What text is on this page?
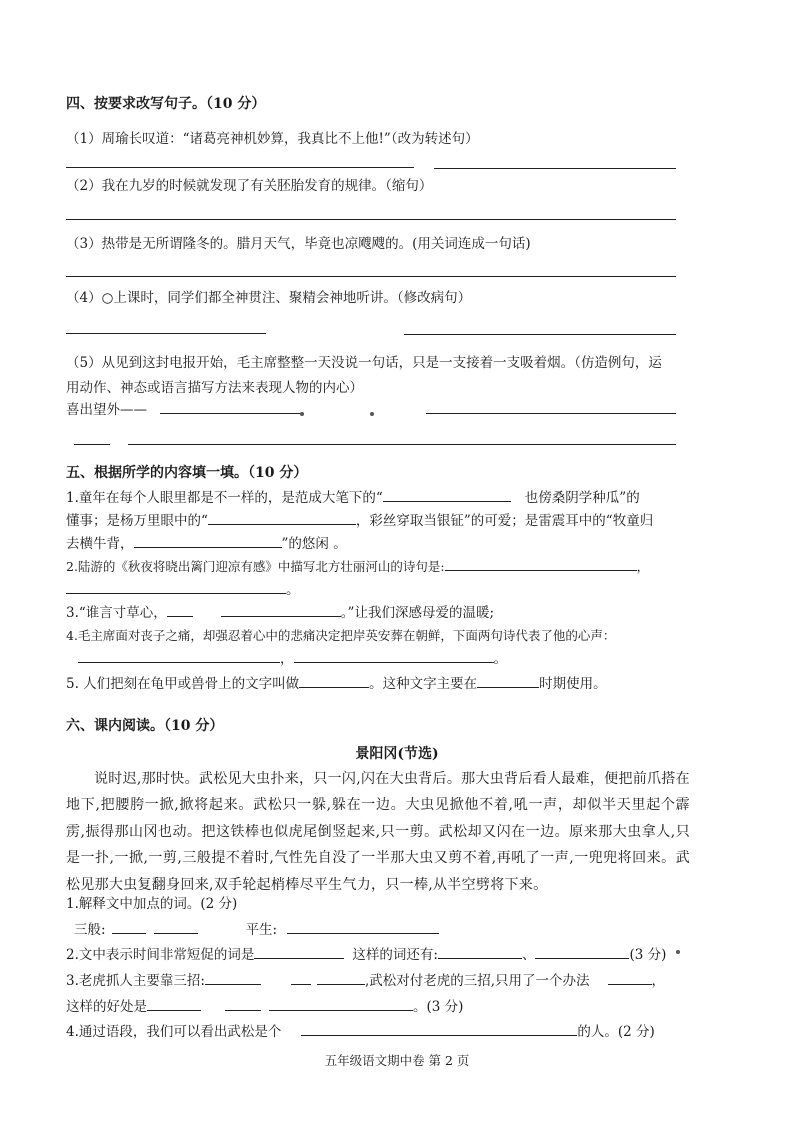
四、按要求改写句子。（10 分）
（1）周瑜长叹道：“诸葛亮神机妙算，我真比不上他!”（改为转述句）
（2）我在九岁的时候就发现了有关胚胎发育的规律。（缩句）
（3）热带是无所谓隆冬的。腊月天气，毕竟也凉飕飕的。(用关词连成一句话)
（4）○上课时，同学们都全神贯注、聚精会神地听讲。（修改病句）
（5）从见到这封电报开始，毛主席整整一天没说一句话，只是一支接着一支吸着烟。（仿造例句，运
用动作、神态或语言描写方法来表现人物的内心）
喜出望外——
五、根据所学的内容填一填。（10 分）
1.童年在每个人眼里都是不一样的，是范成大笔下的“	也傍桑阴学种瓜”的
懂事；是杨万里眼中的“	，彩丝穿取当银钲”的可爱；是雷震耳中的“牧童归
去横牛背，	”的悠闲 。
2.陆游的《秋夜将晓出篱门迎凉有感》中描写北方壮丽河山的诗句是:	，
。
3.“谁言寸草心，	。”让我们深感母爱的温暖;
4.毛主席面对丧子之痛，却强忍着心中的悲痛决定把岸英安葬在朝鲜，下面两句诗代表了他的心声：
，	。
5. 人们把刻在龟甲或兽骨上的文字叫做	。这种文字主要在	时期使用。
六、课内阅读。（10 分）
景阳冈(节选)
说时迟,那时快。武松见大虫扑来，只一闪,闪在大虫背后。那大虫背后看人最难，便把前爪搭在地下,把腰胯一掀,掀将起来。武松只一躲,躲在一边。大虫见掀他不着,吼一声，却似半天里起个霹雳,振得那山冈也动。把这铁棒也似虎尾倒竖起来,只一剪。武松却又闪在一边。原来那大虫拿人,只是一扑,一掀,一剪,三般提不着时,气性先自没了一半那大虫又剪不着,再吼了一声,一兜兜将回来。武松见那大虫复翻身回来,双手轮起梢棒尽平生气力，只一棒,从半空劈将下来。
1.解释文中加点的词。(2 分)
三般:	平生:
2.文中表示时间非常短促的词是	这样的词还有:	、	(3 分)
3.老虎抓人主要靠三招:	,武松对付老虎的三招,只用了一个办法	，
这样的好处是	。(3 分)
4.通过语段，我们可以看出武松是个	的人。(2 分)
五年级语文期中卷 第 2 页
